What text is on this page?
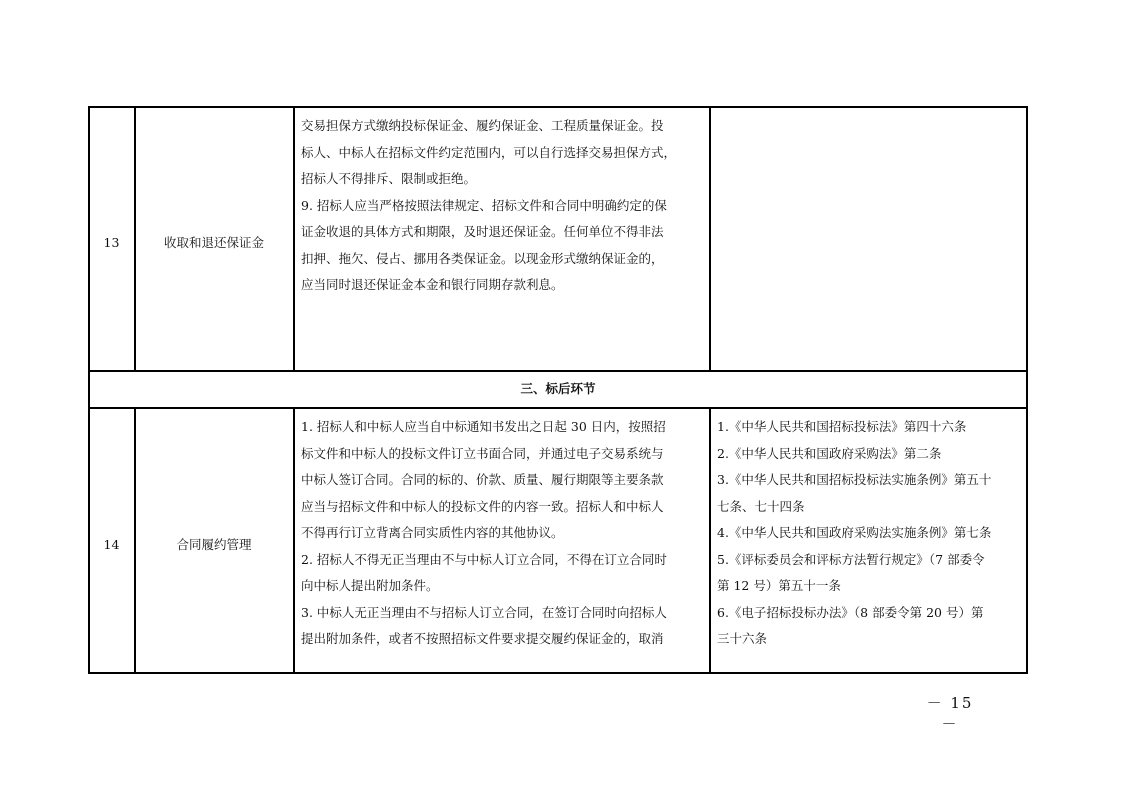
13	收取和退还保证金
交易担保方式缴纳投标保证金、履约保证金、工程质量保证金。投
标人、中标人在招标文件约定范围内，可以自行选择交易担保方式，
招标人不得排斥、限制或拒绝。
9. 招标人应当严格按照法律规定、招标文件和合同中明确约定的保
证金收退的具体方式和期限，及时退还保证金。任何单位不得非法
扣押、拖欠、侵占、挪用各类保证金。以现金形式缴纳保证金的，
应当同时退还保证金本金和银行同期存款利息。
三、标后环节
14	合同履约管理
1. 招标人和中标人应当自中标通知书发出之日起 30 日内，按照招
标文件和中标人的投标文件订立书面合同，并通过电子交易系统与
中标人签订合同。合同的标的、价款、质量、履行期限等主要条款
应当与招标文件和中标人的投标文件的内容一致。招标人和中标人
不得再行订立背离合同实质性内容的其他协议。
2. 招标人不得无正当理由不与中标人订立合同，不得在订立合同时
向中标人提出附加条件。
3. 中标人无正当理由不与招标人订立合同，在签订合同时向招标人
提出附加条件，或者不按照招标文件要求提交履约保证金的，取消
1.《中华人民共和国招标投标法》第四十六条
2.《中华人民共和国政府采购法》第二条
3.《中华人民共和国招标投标法实施条例》第五十
七条、七十四条
4.《中华人民共和国政府采购法实施条例》第七条
5.《评标委员会和评标方法暂行规定》（7 部委令
第 12 号）第五十一条
6.《电子招标投标办法》（8 部委令第 20 号）第
三十六条
－ 15 －
